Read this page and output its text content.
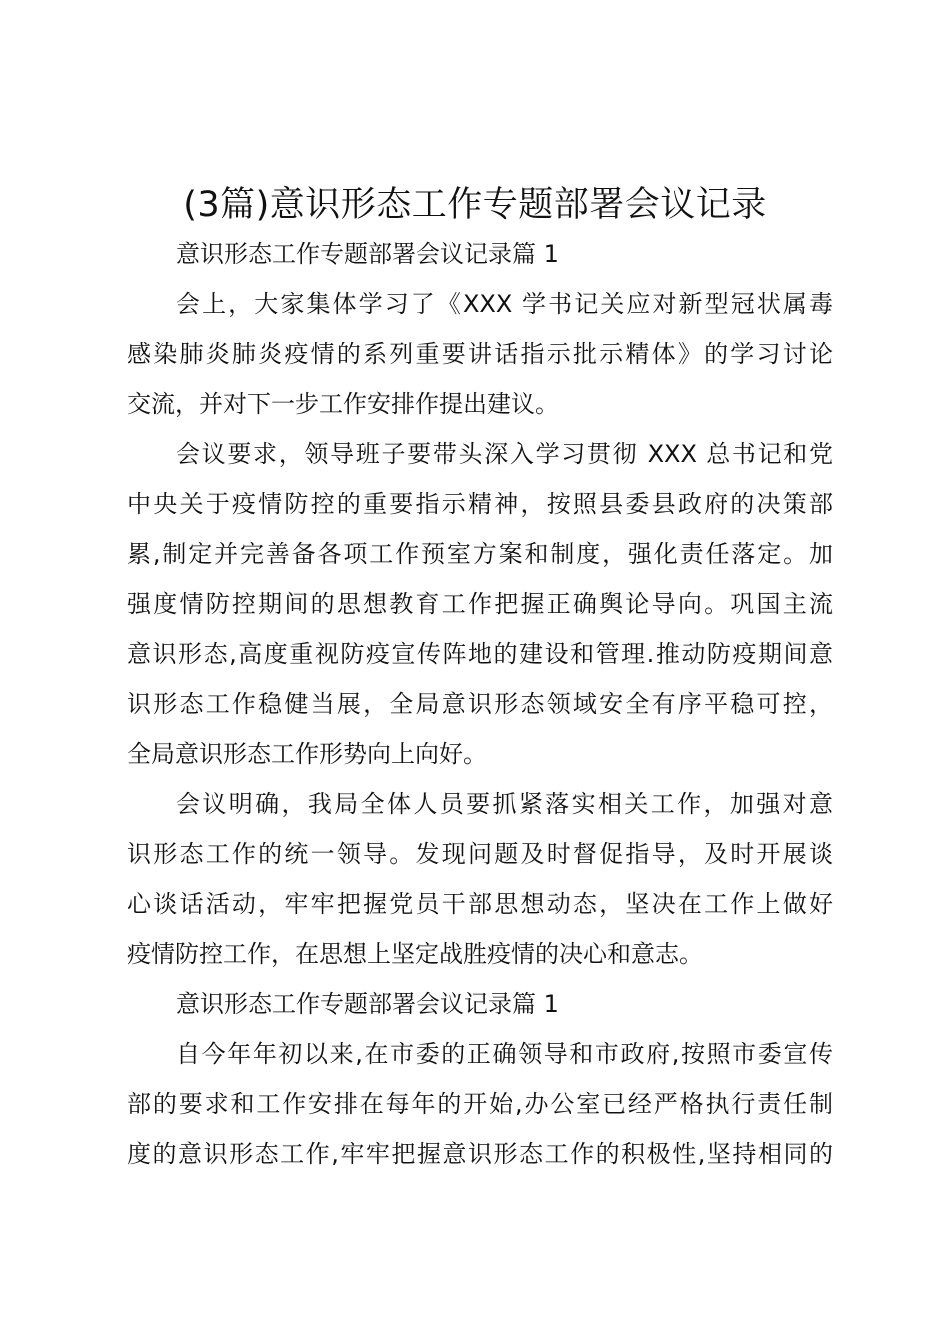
(3篇)意识形态工作专题部署会议记录
意识形态工作专题部署会议记录篇 1
会上，大家集体学习了《XXX 学书记关应对新型冠状属毒
感染肺炎肺炎疫情的系列重要讲话指示批示精体》的学习讨论
交流，并对下一步工作安排作提出建议。
会议要求，领导班子要带头深入学习贯彻 XXX 总书记和党
中央关于疫情防控的重要指示精神，按照县委县政府的决策部
累,制定并完善备各项工作预室方案和制度，强化责任落定。加
强度情防控期间的思想教育工作把握正确舆论导向。巩国主流
意识形态,高度重视防疫宣传阵地的建设和管理.推动防疫期间意
识形态工作稳健当展，全局意识形态领域安全有序平稳可控，
全局意识形态工作形势向上向好。
会议明确，我局全体人员要抓紧落实相关工作，加强对意
识形态工作的统一领导。发现问题及时督促指导，及时开展谈
心谈话活动，牢牢把握党员干部思想动态，坚决在工作上做好
疫情防控工作，在思想上坚定战胜疫情的决心和意志。
意识形态工作专题部署会议记录篇 1
自今年年初以来,在市委的正确领导和市政府,按照市委宣传
部的要求和工作安排在每年的开始,办公室已经严格执行责任制
度的意识形态工作,牢牢把握意识形态工作的积极性,坚持相同的
